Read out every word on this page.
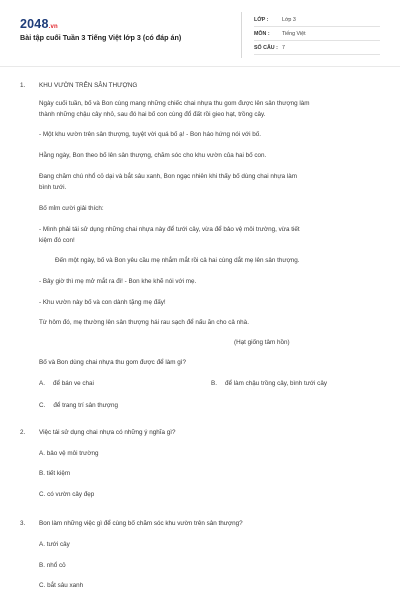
2048.vn
Bài tập cuối Tuần 3 Tiếng Việt lớp 3 (có đáp án)
LỚP :	Lớp 3
MÔN : Tiếng Việt
SỐ CÂU : 7
1. KHU VƯỜN TRÊN SÂN THƯỢNG
Ngày cuối tuần, bố và Bon cùng mang những chiếc chai nhựa thu gom được lên sân thượng làm
thành những chậu cây nhỏ, sau đó hai bố con cùng đổ đất rồi gieo hạt, trồng cây.
- Một khu vườn trên sân thượng, tuyệt vời quá bố ạ! - Bon háo hứng nói với bố.
Hằng ngày, Bon theo bố lên sân thượng, chăm sóc cho khu vườn của hai bố con.
Đang chăm chú nhổ cỏ dại và bắt sâu xanh, Bon ngạc nhiên khi thấy bố dùng chai nhựa làm
bình tưới.
Bố mỉm cười giải thích:
- Mình phải tái sử dụng những chai nhựa này để tưới cây, vừa để bảo vệ môi trường, vừa tiết
kiệm đó con!
Đến một ngày, bố và Bon yêu cầu mẹ nhắm mắt rồi cả hai cùng dắt mẹ lên sân thượng.
- Bây giờ thì mẹ mở mắt ra đi! - Bon khe khẽ nói với mẹ.
- Khu vườn này bố và con dành tặng mẹ đấy!
Từ hôm đó, mẹ thường lên sân thượng hái rau sạch để nấu ăn cho cả nhà.
(Hạt giống tâm hồn)
Bố và Bon dùng chai nhựa thu gom được để làm gì?
A. để bán ve chai	B. để làm chậu trồng cây, bình tưới cây
C. để trang trí sân thượng
2. Việc tái sử dụng chai nhựa có những ý nghĩa gì?
A. bảo vệ môi trường
B. tiết kiệm
C. có vườn cây đẹp
3. Bon làm những việc gì để cùng bố chăm sóc khu vườn trên sân thượng?
A. tưới cây
B. nhổ cỏ
C. bắt sâu xanh
